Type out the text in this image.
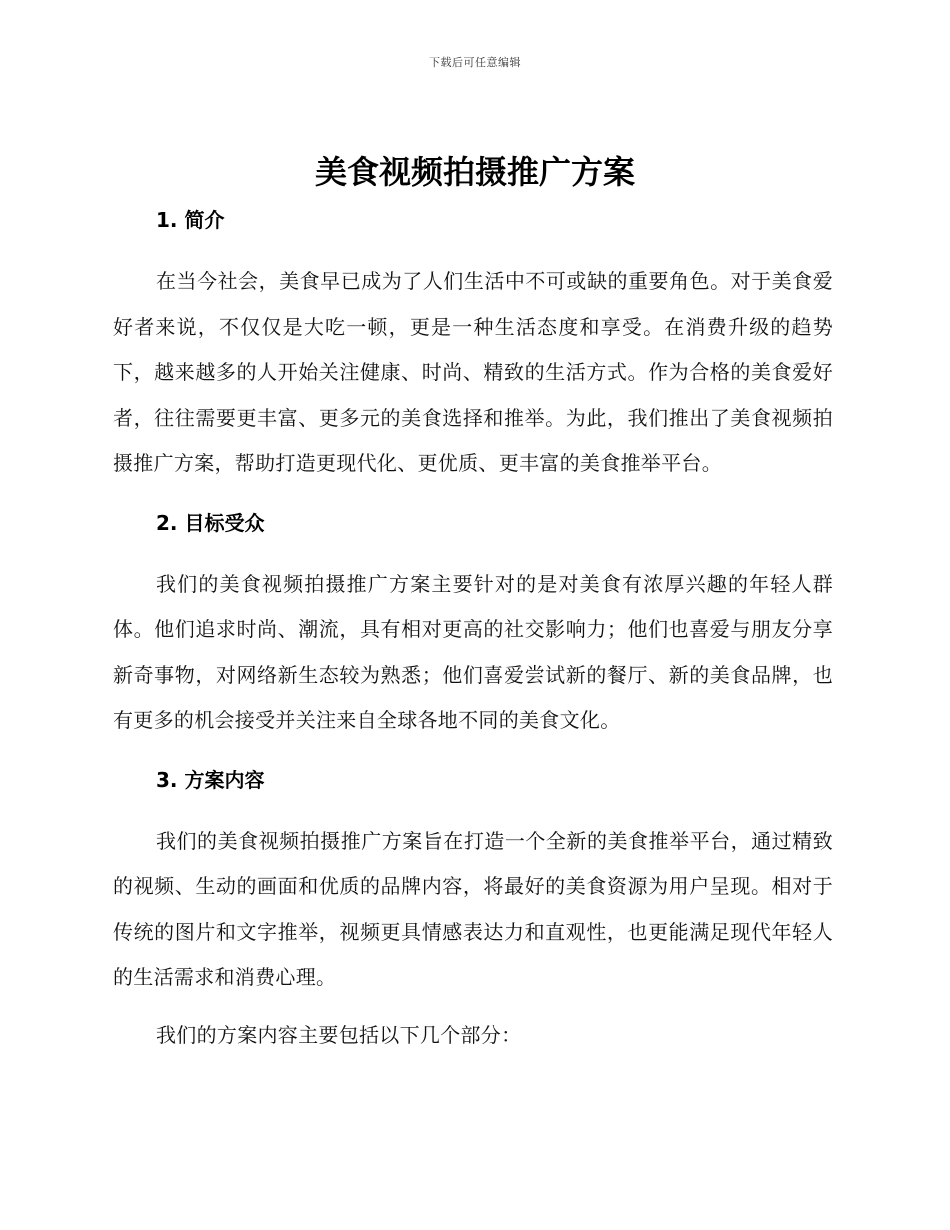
下载后可任意编辑
美食视频拍摄推广方案
1. 简介

在当今社会，美食早已成为了人们生活中不可或缺的重要角色。对于美食爱好者来说，不仅仅是大吃一顿，更是一种生活态度和享受。在消费升级的趋势下，越来越多的人开始关注健康、时尚、精致的生活方式。作为合格的美食爱好者，往往需要更丰富、更多元的美食选择和推举。为此，我们推出了美食视频拍摄推广方案，帮助打造更现代化、更优质、更丰富的美食推举平台。

2. 目标受众

我们的美食视频拍摄推广方案主要针对的是对美食有浓厚兴趣的年轻人群体。他们追求时尚、潮流，具有相对更高的社交影响力；他们也喜爱与朋友分享新奇事物，对网络新生态较为熟悉；他们喜爱尝试新的餐厅、新的美食品牌，也有更多的机会接受并关注来自全球各地不同的美食文化。

3. 方案内容

我们的美食视频拍摄推广方案旨在打造一个全新的美食推举平台，通过精致的视频、生动的画面和优质的品牌内容，将最好的美食资源为用户呈现。相对于传统的图片和文字推举，视频更具情感表达力和直观性，也更能满足现代年轻人的生活需求和消费心理。

我们的方案内容主要包括以下几个部分：
